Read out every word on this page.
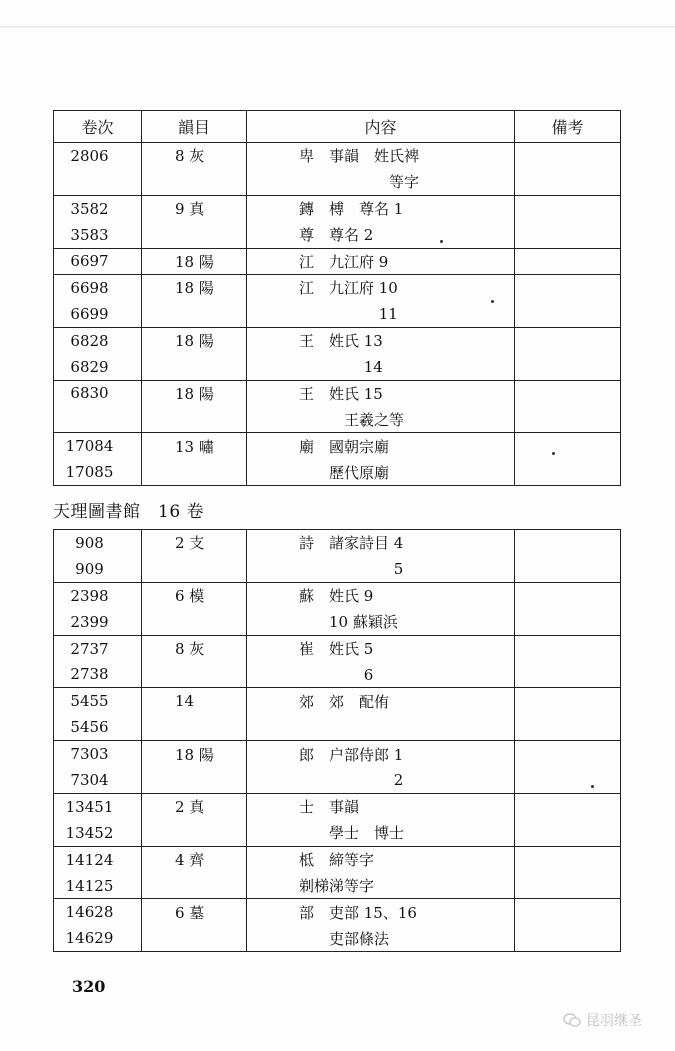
卷次	韻目	内容	備考
2806	8 灰	卑　事韻　姓氏裨	
		　　　　　　等字	
3582	9 真	鏄　榑　尊名 1	
3583		尊　尊名 2	
6697	18 陽	江　九江府 9	
6698	18 陽	江　九江府 10	
6699		　　　　　 11	
6828	18 陽	王　姓氏 13	
6829		　　　　 14	
6830	18 陽	王　姓氏 15	
		　　　王羲之等	
17084	13 嘯	廟　國朝宗廟	
17085		　　歷代原廟	
天理圖書館　16 卷
908	2 支	詩　諸家詩目 4	
909		　　　　　　 5	
2398	6 模	蘇　姓氏 9	
2399		　　10 蘇穎浜	
2737	8 灰	崔　姓氏 5	
2738		　　　　 6	
5455	14	郊　郊　配侑	
5456			
7303	18 陽	郎　户部侍郎 1	
7304		　　　　　　 2	
13451	2 真	士　事韻	
13452		　　學士　博士	
14124	4 齊	柢　締等字	
14125		剃梯涕等字	
14628	6 墓	部　吏部 15、16	
14629		　　吏部條法	
320
昆羽继圣
